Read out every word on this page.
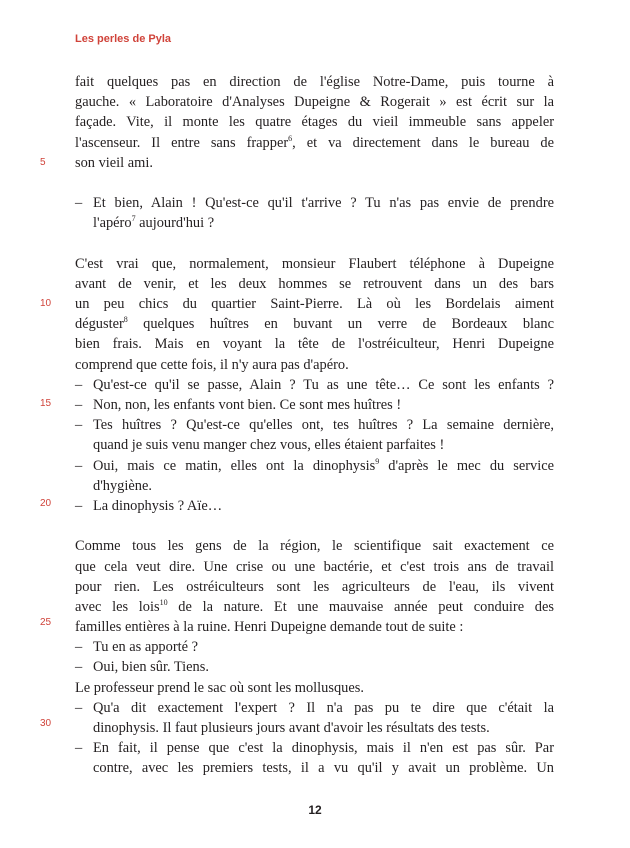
Les perles de Pyla
5
10
15
20
25
30
fait quelques pas en direction de l'église Notre-Dame, puis tourne à
gauche. « Laboratoire d'Analyses Dupeigne & Rogerait » est écrit sur la
façade. Vite, il monte les quatre étages du vieil immeuble sans appeler
l'ascenseur. Il entre sans frapper$^6$, et va directement dans le bureau de
son vieil ami.
– Et bien, Alain ! Qu'est-ce qu'il t'arrive ? Tu n'as pas envie de prendre
l'apéro$^7$ aujourd'hui ?
C'est vrai que, normalement, monsieur Flaubert téléphone à Dupeigne
avant de venir, et les deux hommes se retrouvent dans un des bars
un peu chics du quartier Saint-Pierre. Là où les Bordelais aiment
déguster$^8$ quelques huîtres en buvant un verre de Bordeaux blanc
bien frais. Mais en voyant la tête de l'ostréiculteur, Henri Dupeigne
comprend que cette fois, il n'y aura pas d'apéro.
– Qu'est-ce qu'il se passe, Alain ? Tu as une tête… Ce sont les enfants ?
– Non, non, les enfants vont bien. Ce sont mes huîtres !
– Tes huîtres ? Qu'est-ce qu'elles ont, tes huîtres ? La semaine dernière,
quand je suis venu manger chez vous, elles étaient parfaites !
– Oui, mais ce matin, elles ont la dinophysis$^9$ d'après le mec du service
d'hygiène.
– La dinophysis ? Aïe…
Comme tous les gens de la région, le scientifique sait exactement ce
que cela veut dire. Une crise ou une bactérie, et c'est trois ans de travail
pour rien. Les ostréiculteurs sont les agriculteurs de l'eau, ils vivent
avec les lois$^{10}$ de la nature. Et une mauvaise année peut conduire des
familles entières à la ruine. Henri Dupeigne demande tout de suite :
– Tu en as apporté ?
– Oui, bien sûr. Tiens.
Le professeur prend le sac où sont les mollusques.
– Qu'a dit exactement l'expert ? Il n'a pas pu te dire que c'était la
dinophysis. Il faut plusieurs jours avant d'avoir les résultats des tests.
– En fait, il pense que c'est la dinophysis, mais il n'en est pas sûr. Par
contre, avec les premiers tests, il a vu qu'il y avait un problème. Un
12
